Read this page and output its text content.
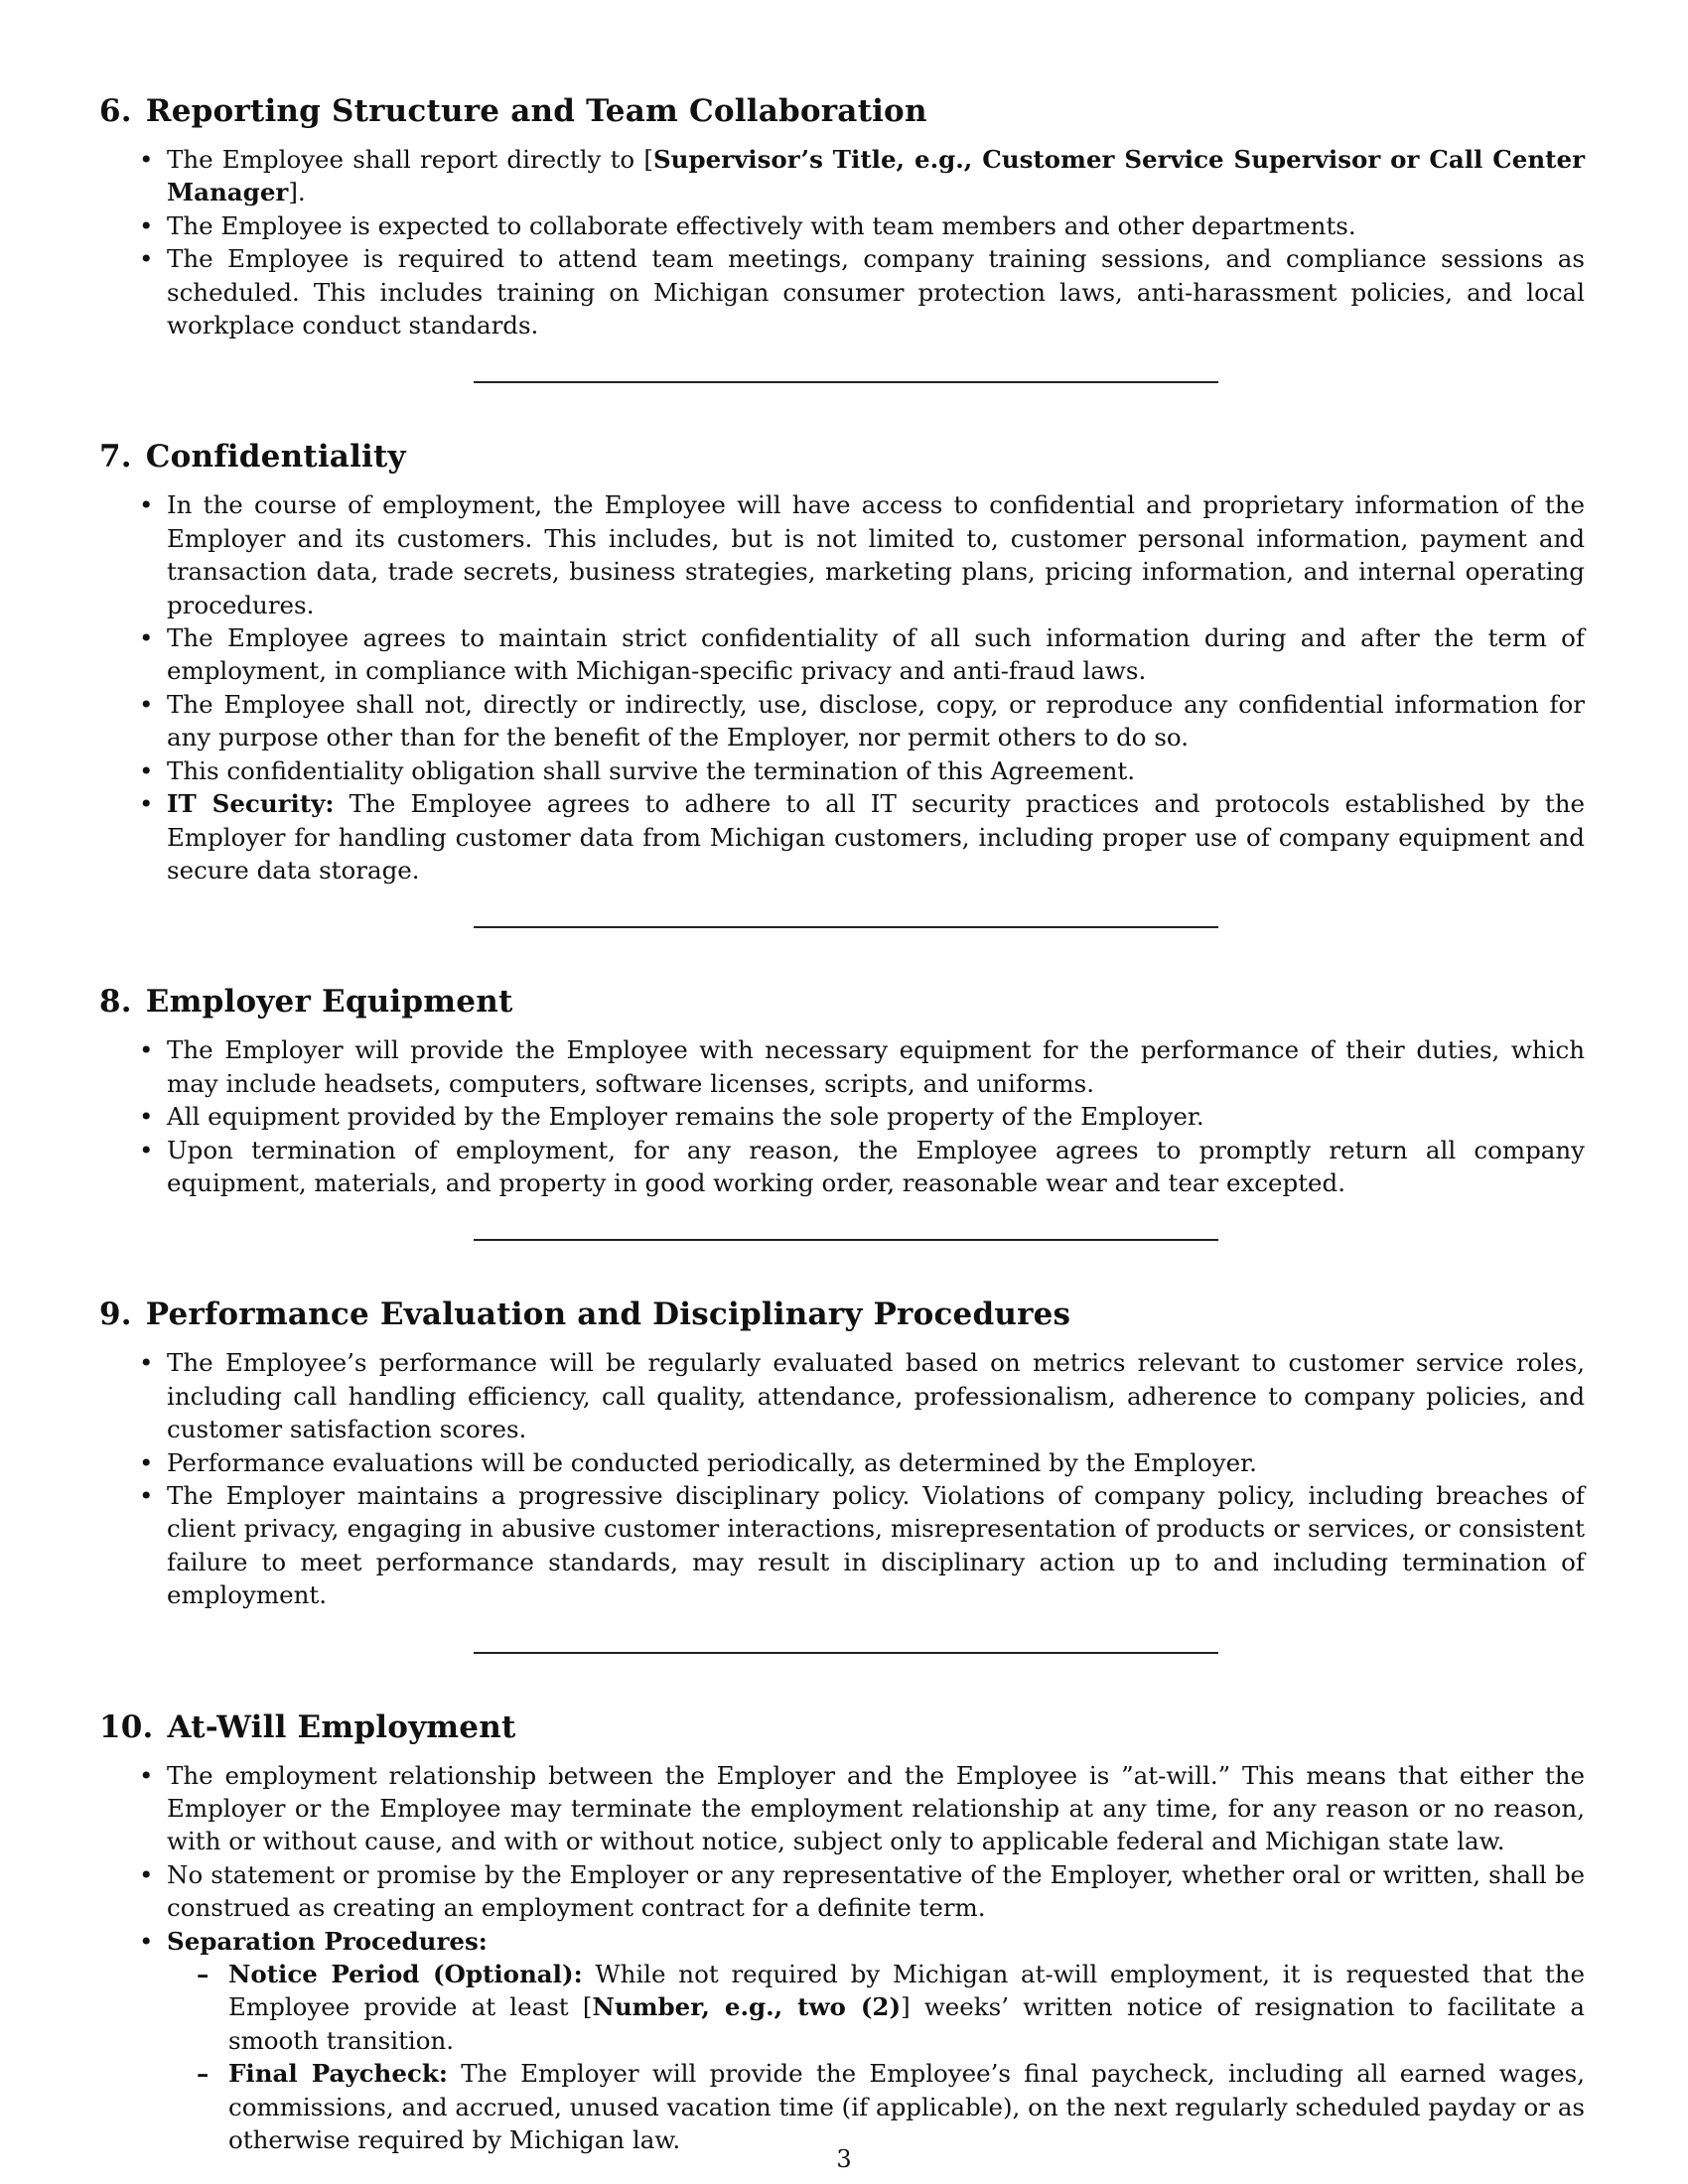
6. Reporting Structure and Team Collaboration
• The Employee shall report directly to [Supervisor’s Title, e.g., Customer Service Supervisor or Call Center Manager].
• The Employee is expected to collaborate effectively with team members and other departments.
• The Employee is required to attend team meetings, company training sessions, and compliance sessions as scheduled. This includes training on Michigan consumer protection laws, anti-harassment policies, and local workplace conduct standards.
7. Confidentiality
• In the course of employment, the Employee will have access to confidential and proprietary information of the Employer and its customers. This includes, but is not limited to, customer personal information, payment and transaction data, trade secrets, business strategies, marketing plans, pricing information, and internal operating procedures.
• The Employee agrees to maintain strict confidentiality of all such information during and after the term of employment, in compliance with Michigan-specific privacy and anti-fraud laws.
• The Employee shall not, directly or indirectly, use, disclose, copy, or reproduce any confidential information for any purpose other than for the benefit of the Employer, nor permit others to do so.
• This confidentiality obligation shall survive the termination of this Agreement.
• IT Security: The Employee agrees to adhere to all IT security practices and protocols established by the Employer for handling customer data from Michigan customers, including proper use of company equipment and secure data storage.
8. Employer Equipment
• The Employer will provide the Employee with necessary equipment for the performance of their duties, which may include headsets, computers, software licenses, scripts, and uniforms.
• All equipment provided by the Employer remains the sole property of the Employer.
• Upon termination of employment, for any reason, the Employee agrees to promptly return all company equipment, materials, and property in good working order, reasonable wear and tear excepted.
9. Performance Evaluation and Disciplinary Procedures
• The Employee’s performance will be regularly evaluated based on metrics relevant to customer service roles, including call handling efficiency, call quality, attendance, professionalism, adherence to company policies, and customer satisfaction scores.
• Performance evaluations will be conducted periodically, as determined by the Employer.
• The Employer maintains a progressive disciplinary policy. Violations of company policy, including breaches of client privacy, engaging in abusive customer interactions, misrepresentation of products or services, or consistent failure to meet performance standards, may result in disciplinary action up to and including termination of employment.
10. At-Will Employment
• The employment relationship between the Employer and the Employee is ”at-will.” This means that either the Employer or the Employee may terminate the employment relationship at any time, for any reason or no reason, with or without cause, and with or without notice, subject only to applicable federal and Michigan state law.
• No statement or promise by the Employer or any representative of the Employer, whether oral or written, shall be construed as creating an employment contract for a definite term.
• Separation Procedures:
– Notice Period (Optional): While not required by Michigan at-will employment, it is requested that the Employee provide at least [Number, e.g., two (2)] weeks’ written notice of resignation to facilitate a smooth transition.
– Final Paycheck: The Employer will provide the Employee’s final paycheck, including all earned wages, commissions, and accrued, unused vacation time (if applicable), on the next regularly scheduled payday or as otherwise required by Michigan law.
3
